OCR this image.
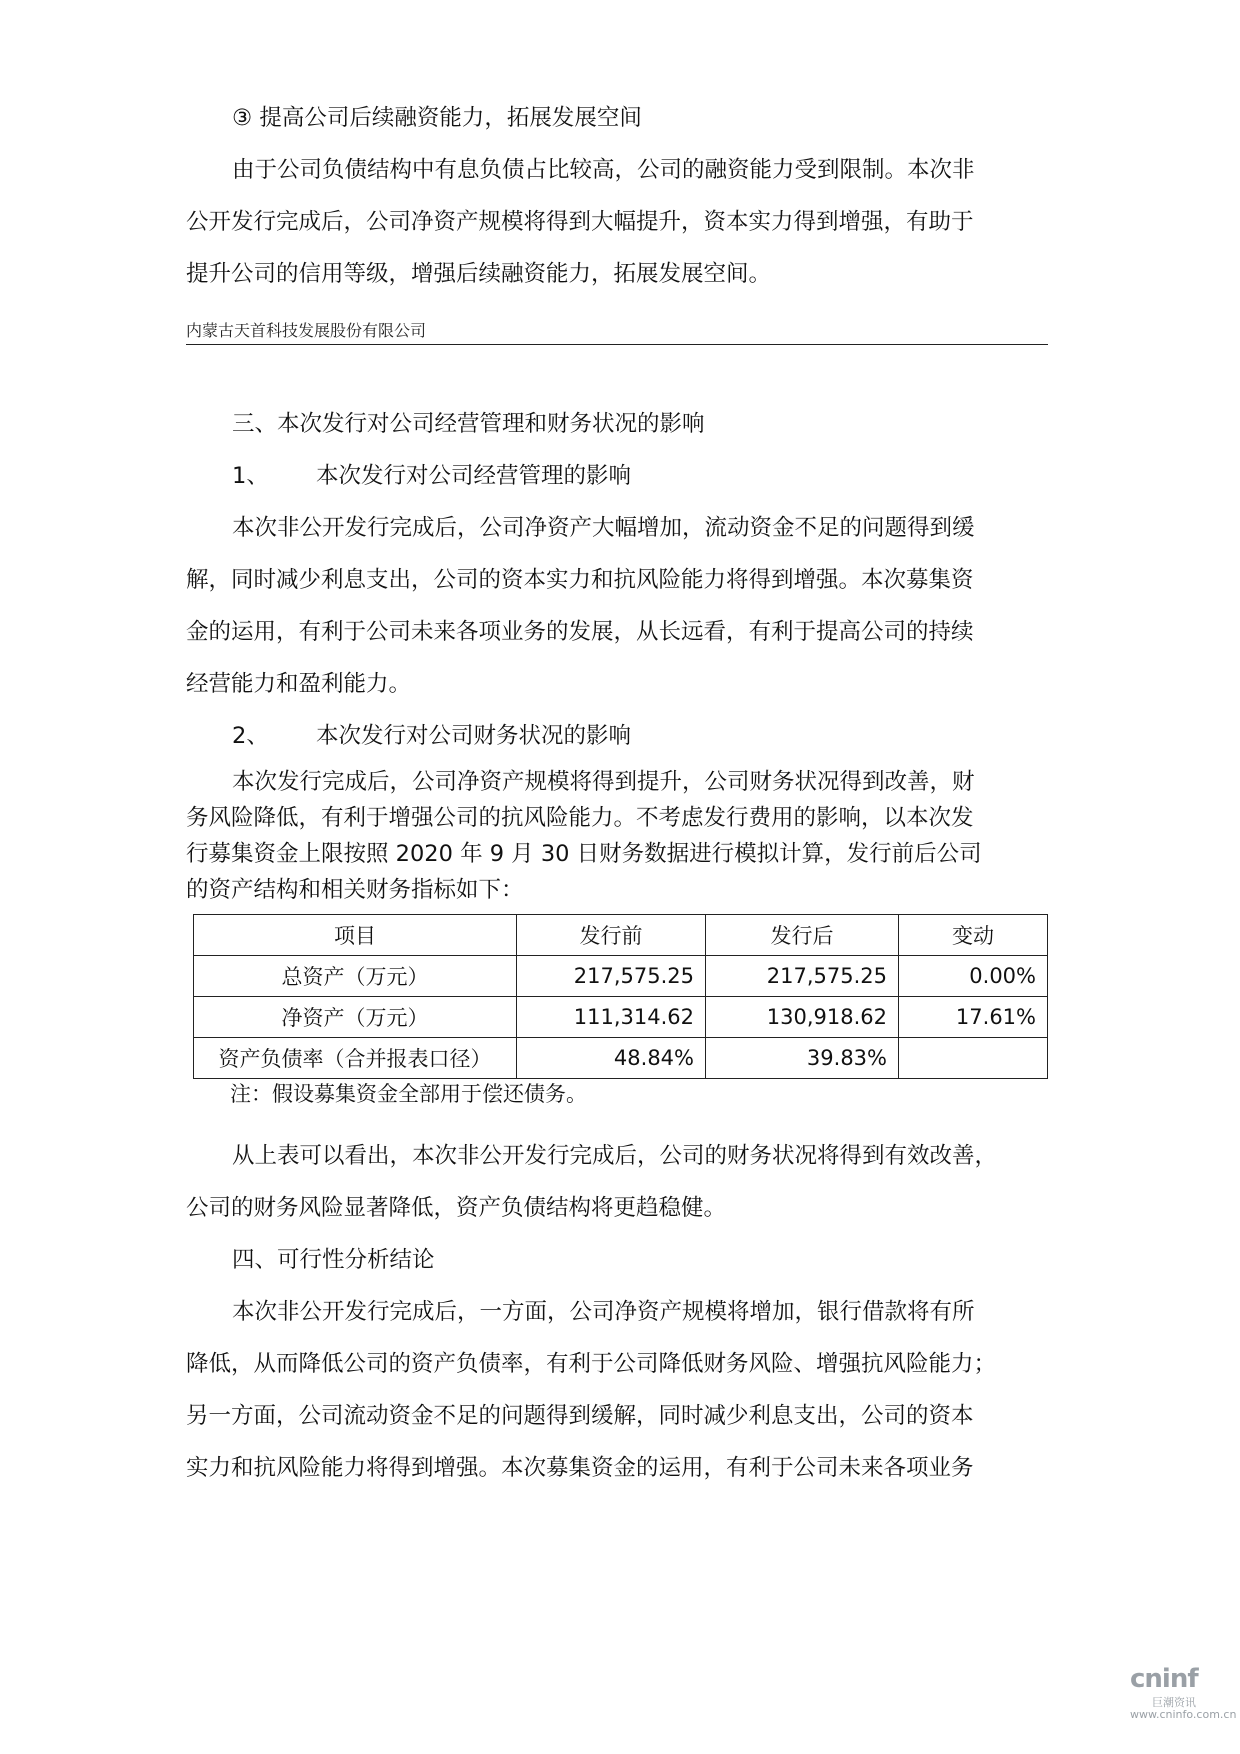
③ 提高公司后续融资能力，拓展发展空间
由于公司负债结构中有息负债占比较高，公司的融资能力受到限制。本次非
公开发行完成后，公司净资产规模将得到大幅提升，资本实力得到增强，有助于
提升公司的信用等级，增强后续融资能力，拓展发展空间。
内蒙古天首科技发展股份有限公司
三、本次发行对公司经营管理和财务状况的影响
1、 本次发行对公司经营管理的影响
本次非公开发行完成后，公司净资产大幅增加，流动资金不足的问题得到缓
解，同时减少利息支出，公司的资本实力和抗风险能力将得到增强。本次募集资
金的运用，有利于公司未来各项业务的发展，从长远看，有利于提高公司的持续
经营能力和盈利能力。
2、 本次发行对公司财务状况的影响
本次发行完成后，公司净资产规模将得到提升，公司财务状况得到改善，财
务风险降低，有利于增强公司的抗风险能力。不考虑发行费用的影响，以本次发
行募集资金上限按照 2020 年 9 月 30 日财务数据进行模拟计算，发行前后公司
的资产结构和相关财务指标如下：
项目	发行前	发行后	变动
总资产（万元）	217,575.25	217,575.25	0.00%
净资产（万元）	111,314.62	130,918.62	17.61%
资产负债率（合并报表口径）	48.84%	39.83%	
注：假设募集资金全部用于偿还债务。
从上表可以看出，本次非公开发行完成后，公司的财务状况将得到有效改善，
公司的财务风险显著降低，资产负债结构将更趋稳健。
四、可行性分析结论
本次非公开发行完成后，一方面，公司净资产规模将增加，银行借款将有所
降低，从而降低公司的资产负债率，有利于公司降低财务风险、增强抗风险能力；
另一方面，公司流动资金不足的问题得到缓解，同时减少利息支出，公司的资本
实力和抗风险能力将得到增强。本次募集资金的运用，有利于公司未来各项业务
cninf
巨潮资讯
www.cninfo.com.cn
